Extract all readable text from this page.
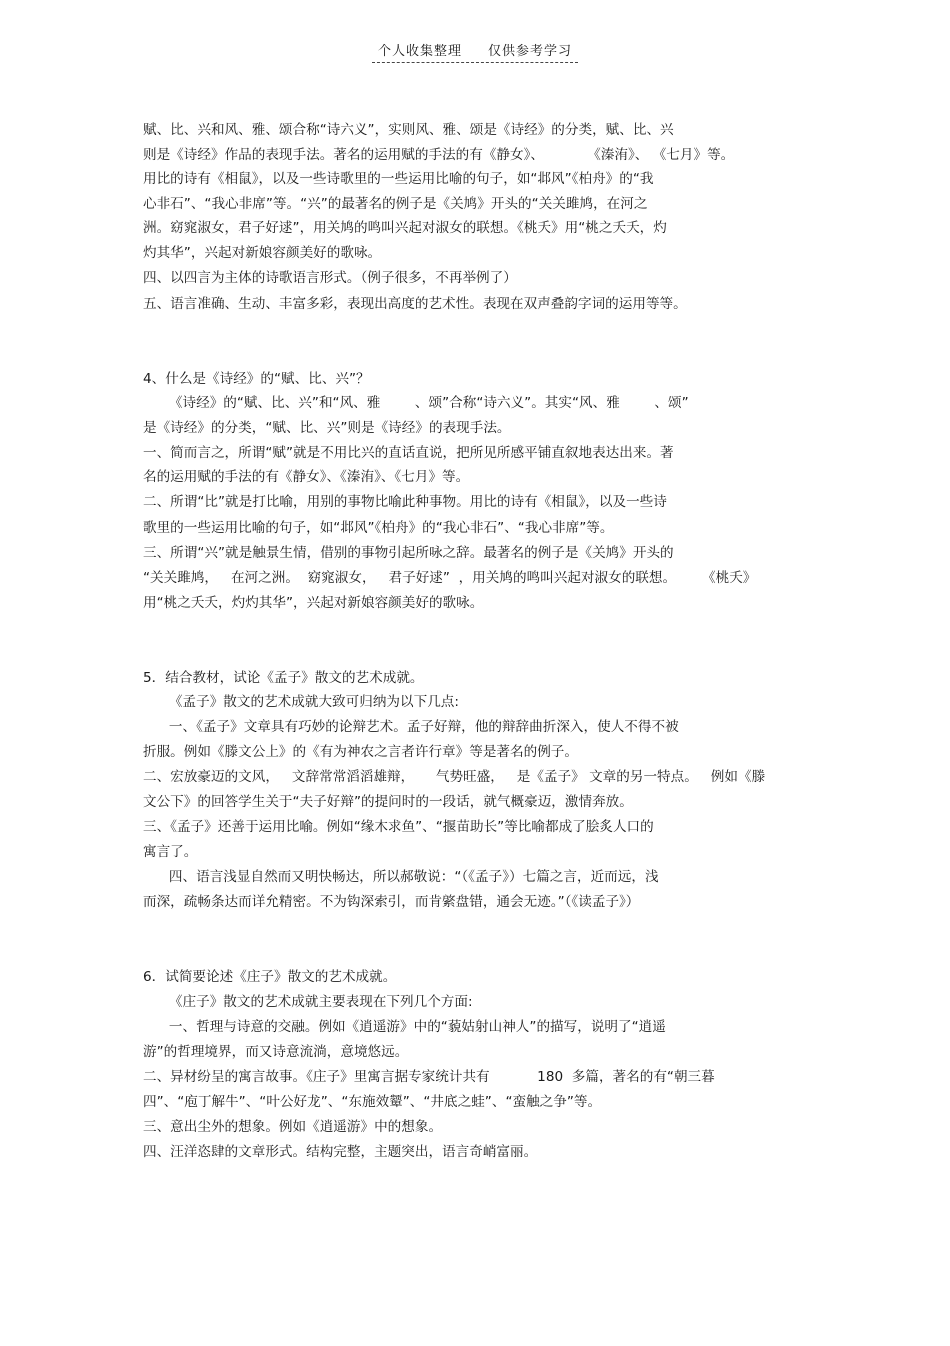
个人收集整理 仅供参考学习
赋、比、兴和风、雅、颂合称“诗六义”，实则风、雅、颂是《诗经》的分类，赋、比、兴
则是《诗经》作品的表现手法。著名的运用赋的手法的有《静女》、          《溱洧》、 《七月》等。
用比的诗有《相鼠》，以及一些诗歌里的一些运用比喻的句子，如“邶风”《柏舟》的“我
心非石”、“我心非席”等。“兴”的最著名的例子是《关鸠》开头的“关关雎鸠，在河之
洲。窈窕淑女，君子好逑”，用关鸠的鸣叫兴起对淑女的联想。《桃夭》用“桃之夭夭，灼
灼其华”，兴起对新娘容颜美好的歌咏。
四、以四言为主体的诗歌语言形式。（例子很多，不再举例了）
五、语言准确、生动、丰富多彩，表现出高度的艺术性。表现在双声叠韵字词的运用等等。
4、什么是《诗经》的“赋、比、兴”？
《诗经》的“赋、比、兴”和“风、雅        、颂”合称“诗六义”。其实“风、雅        、颂”
是《诗经》的分类，“赋、比、兴”则是《诗经》的表现手法。
一、简而言之，所谓“赋”就是不用比兴的直话直说，把所见所感平铺直叙地表达出来。著
名的运用赋的手法的有《静女》、《溱洧》、《七月》等。
二、所谓“比”就是打比喻，用别的事物比喻此种事物。用比的诗有《相鼠》，以及一些诗
歌里的一些运用比喻的句子，如“邶风”《柏舟》的“我心非石”、“我心非席”等。
三、所谓“兴”就是触景生情，借别的事物引起所咏之辞。最著名的例子是《关鸠》开头的
“关关雎鸠，   在河之洲。  窈窕淑女，   君子好逑”  ，用关鸠的鸣叫兴起对淑女的联想。      《桃夭》
用“桃之夭夭，灼灼其华”，兴起对新娘容颜美好的歌咏。
5．结合教材，试论《孟子》散文的艺术成就。
《孟子》散文的艺术成就大致可归纳为以下几点:
一、《孟子》文章具有巧妙的论辩艺术。孟子好辩，他的辩辞曲折深入，使人不得不被
折服。例如《滕文公上》的《有为神农之言者许行章》等是著名的例子。
二、宏放豪迈的文风，   文辞常常滔滔雄辩，     气势旺盛，   是《孟子》 文章的另一特点。   例如《滕
文公下》的回答学生关于“夫子好辩”的提问时的一段话，就气概豪迈，激情奔放。
三、《孟子》还善于运用比喻。例如“缘木求鱼”、“揠苗助长”等比喻都成了脍炙人口的
寓言了。
四、语言浅显自然而又明快畅达，所以郝敬说：“（《孟子》）七篇之言，近而远，浅
而深，疏畅条达而详允精密。不为钩深索引，而肯綮盘错，通会无迹。”（《读孟子》）
6．试简要论述《庄子》散文的艺术成就。
《庄子》散文的艺术成就主要表现在下列几个方面:
一、哲理与诗意的交融。例如《逍遥游》中的“藐姑射山神人”的描写，说明了“逍遥
游”的哲理境界，而又诗意流淌，意境悠远。
二、异材纷呈的寓言故事。《庄子》里寓言据专家统计共有           180  多篇，著名的有“朝三暮
四”、“庖丁解牛”、“叶公好龙”、“东施效颦”、“井底之蛙”、“蛮触之争”等。
三、意出尘外的想象。例如《逍遥游》中的想象。
四、汪洋恣肆的文章形式。结构完整，主题突出，语言奇峭富丽。
